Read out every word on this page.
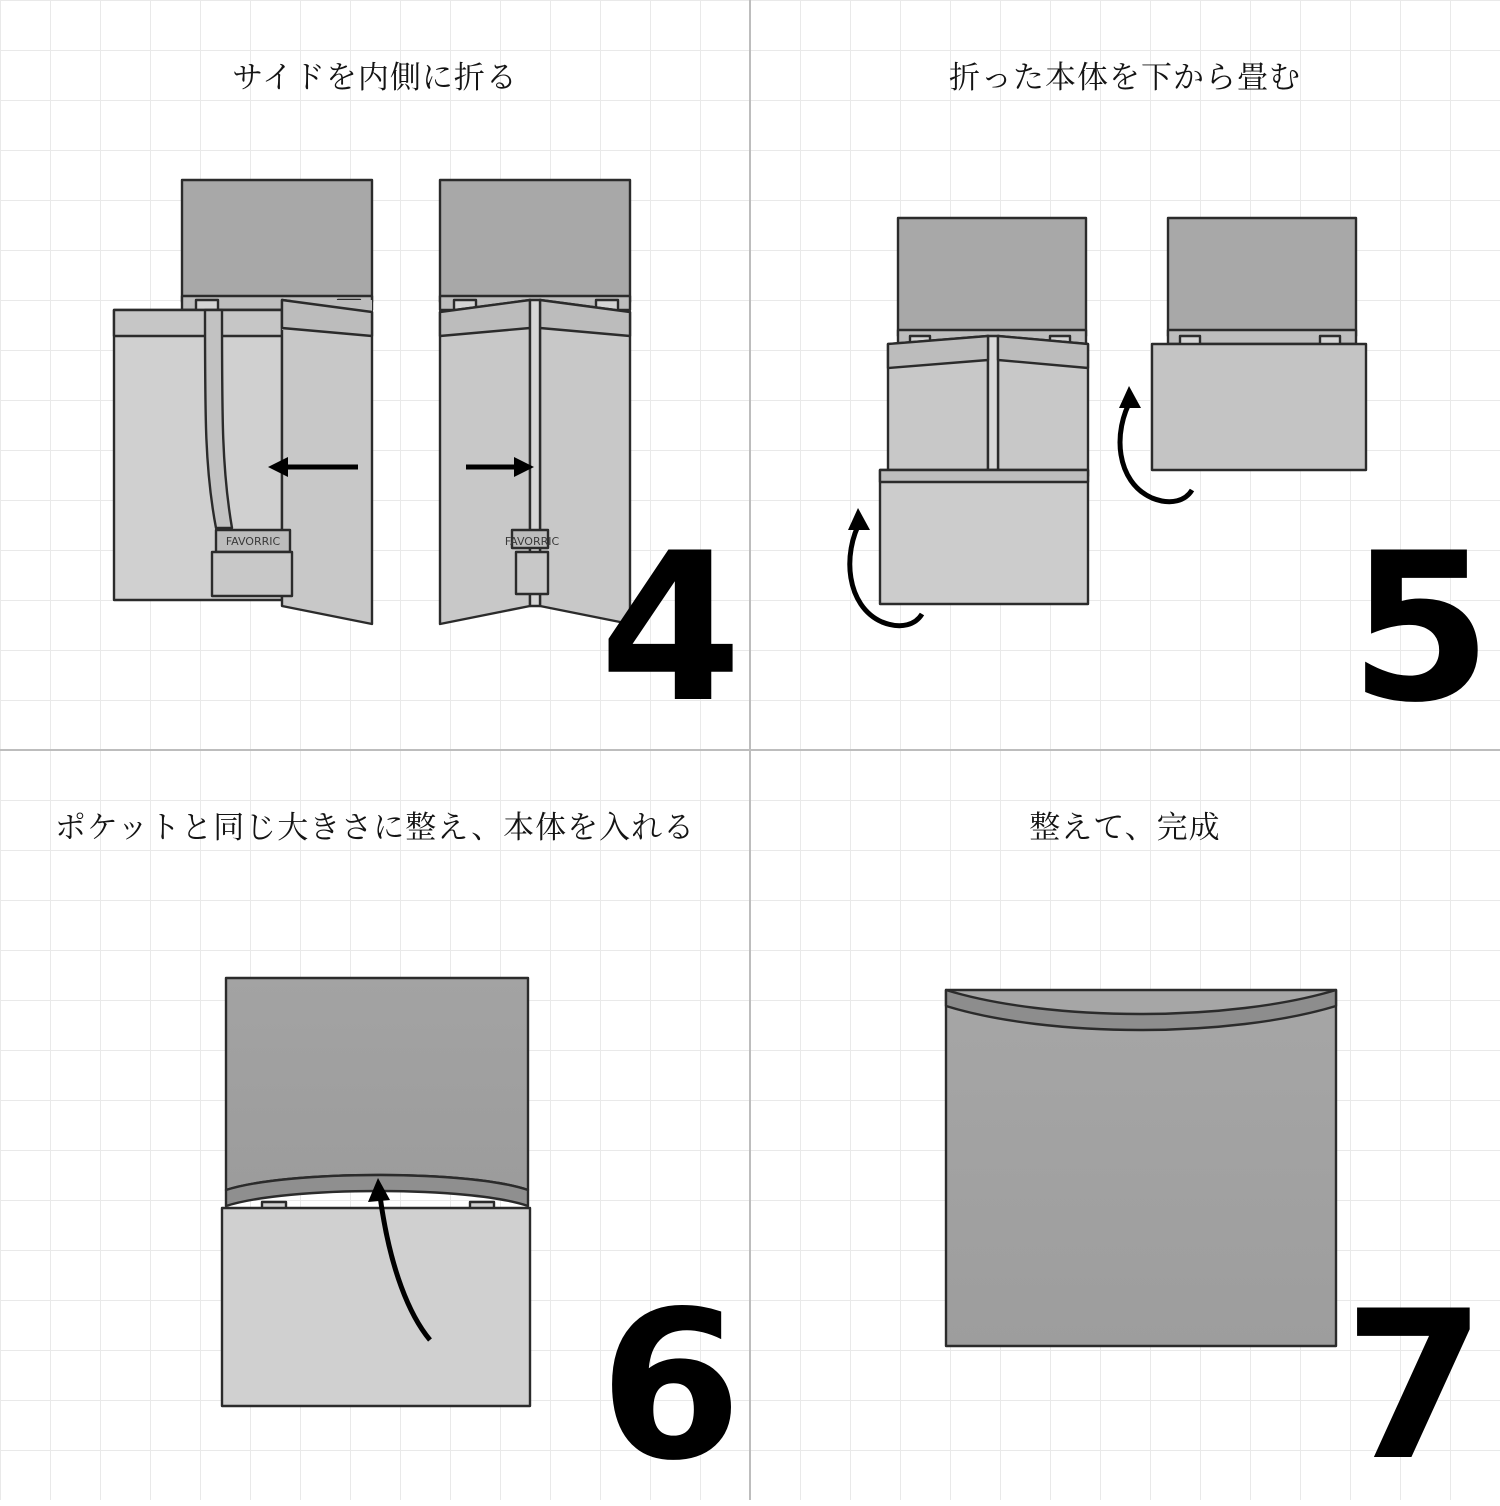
サイドを内側に折る
FAVORRIC	FAVORRIC 4
折った本体を下から畳む
5
ポケットと同じ大きさに整え、本体を入れる
6
整えて、完成
7
